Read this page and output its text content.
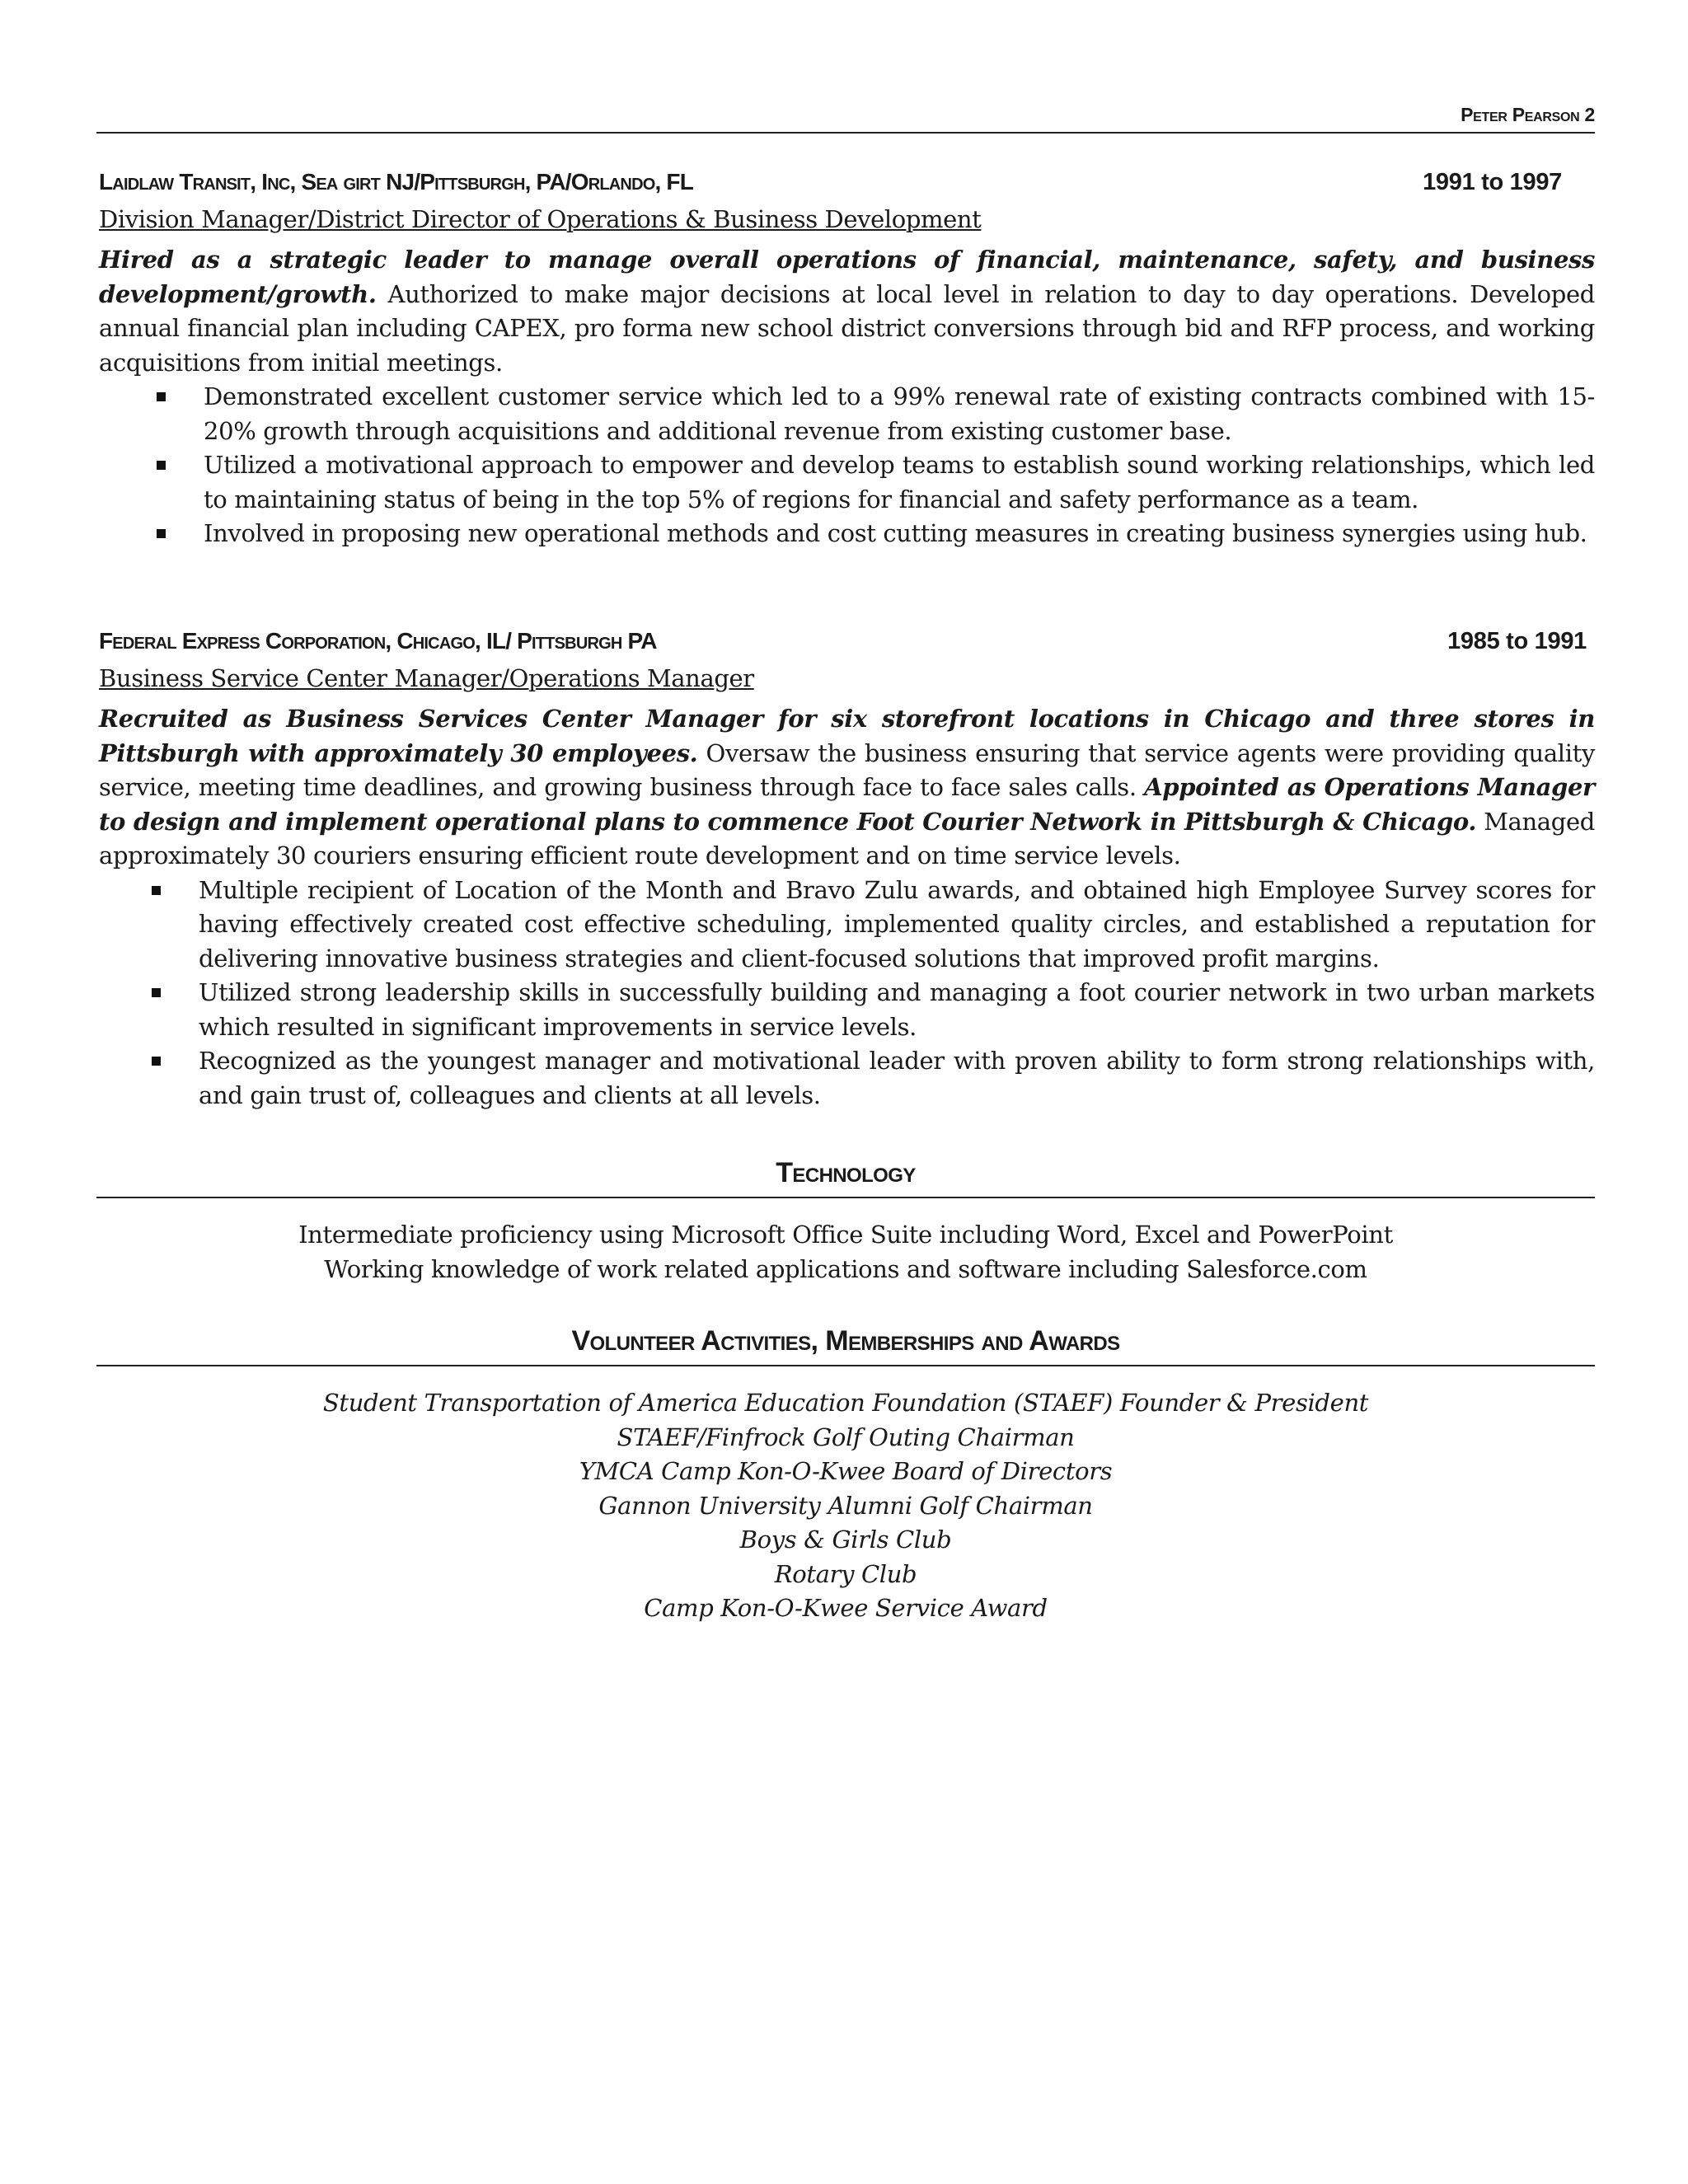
Peter Pearson 2
Laidlaw Transit, Inc, Sea girt NJ/Pittsburgh, PA/Orlando, FL	1991 to 1997
Division Manager/District Director of Operations & Business Development
Hired as a strategic leader to manage overall operations of financial, maintenance, safety, and business development/growth. Authorized to make major decisions at local level in relation to day to day operations. Developed annual financial plan including CAPEX, pro forma new school district conversions through bid and RFP process, and working acquisitions from initial meetings.
Demonstrated excellent customer service which led to a 99% renewal rate of existing contracts combined with 15-20% growth through acquisitions and additional revenue from existing customer base.
Utilized a motivational approach to empower and develop teams to establish sound working relationships, which led to maintaining status of being in the top 5% of regions for financial and safety performance as a team.
Involved in proposing new operational methods and cost cutting measures in creating business synergies using hub.
Federal Express Corporation, Chicago, IL/ Pittsburgh PA	1985 to 1991
Business Service Center Manager/Operations Manager
Recruited as Business Services Center Manager for six storefront locations in Chicago and three stores in Pittsburgh with approximately 30 employees. Oversaw the business ensuring that service agents were providing quality service, meeting time deadlines, and growing business through face to face sales calls. Appointed as Operations Manager to design and implement operational plans to commence Foot Courier Network in Pittsburgh & Chicago. Managed approximately 30 couriers ensuring efficient route development and on time service levels.
Multiple recipient of Location of the Month and Bravo Zulu awards, and obtained high Employee Survey scores for having effectively created cost effective scheduling, implemented quality circles, and established a reputation for delivering innovative business strategies and client-focused solutions that improved profit margins.
Utilized strong leadership skills in successfully building and managing a foot courier network in two urban markets which resulted in significant improvements in service levels.
Recognized as the youngest manager and motivational leader with proven ability to form strong relationships with, and gain trust of, colleagues and clients at all levels.
Technology
Intermediate proficiency using Microsoft Office Suite including Word, Excel and PowerPoint
Working knowledge of work related applications and software including Salesforce.com
Volunteer Activities, Memberships and Awards
Student Transportation of America Education Foundation (STAEF) Founder & President
STAEF/Finfrock Golf Outing Chairman
YMCA Camp Kon-O-Kwee Board of Directors
Gannon University Alumni Golf Chairman
Boys & Girls Club
Rotary Club
Camp Kon-O-Kwee Service Award
